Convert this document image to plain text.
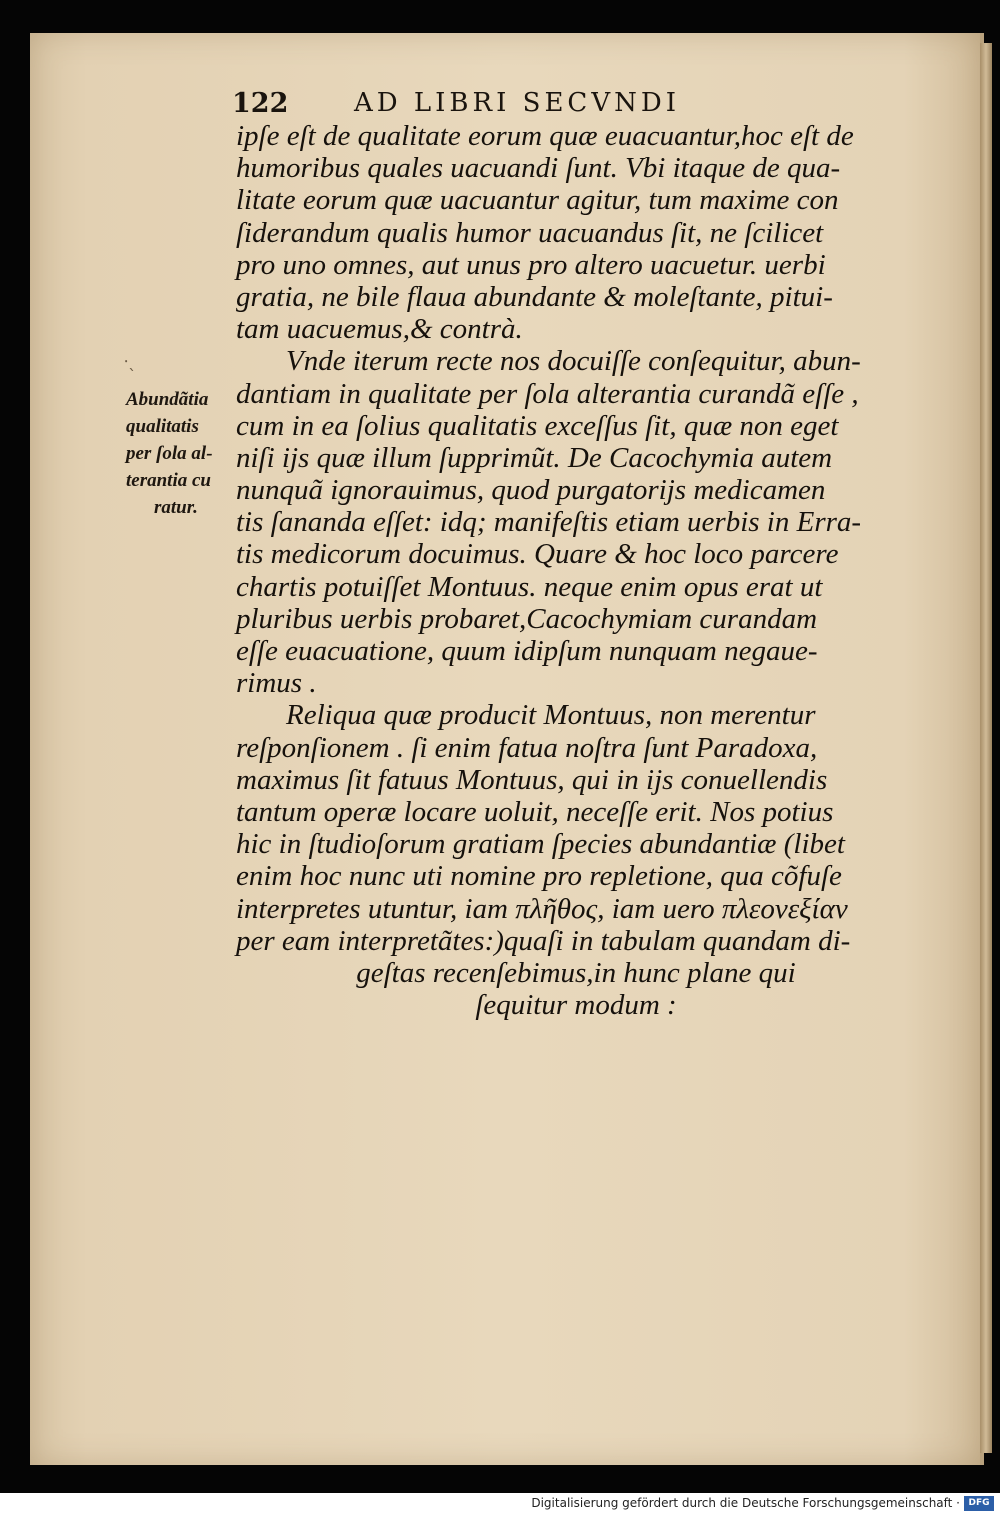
122	AD LIBRI SECVNDI
Abundãtia
qualitatis
per ſola al-
terantia cu
ratur.
⸱ˎ
ipſe eſt de qualitate eorum quæ euacuantur,hoc eſt de
humoribus quales uacuandi ſunt. Vbi itaque de qua-
litate eorum quæ uacuantur agitur, tum maxime con
ſiderandum qualis humor uacuandus ſit, ne ſcilicet
pro uno omnes, aut unus pro altero uacuetur. uerbi
gratia, ne bile flaua abundante & moleſtante, pitui-
tam uacuemus,& contrà.
Vnde iterum recte nos docuiſſe conſequitur, abun-
dantiam in qualitate per ſola alterantia curandã eſſe ,
cum in ea ſolius qualitatis exceſſus ſit, quæ non eget
niſi ijs quæ illum ſupprimũt. De Cacochymia autem
nunquã ignorauimus, quod purgatorijs medicamen
tis ſananda eſſet: idq; manifeſtis etiam uerbis in Erra-
tis medicorum docuimus. Quare & hoc loco parcere
chartis potuiſſet Montuus. neque enim opus erat ut
pluribus uerbis probaret,Cacochymiam curandam
eſſe euacuatione, quum idipſum nunquam negaue-
rimus .
Reliqua quæ producit Montuus, non merentur
reſponſionem . ſi enim fatua noſtra ſunt Paradoxa,
maximus ſit fatuus Montuus, qui in ijs conuellendis
tantum operæ locare uoluit, neceſſe erit. Nos potius
hic in ſtudioſorum gratiam ſpecies abundantiæ (libet
enim hoc nunc uti nomine pro repletione, qua cõfuſe
interpretes utuntur, iam πλῆθος, iam uero πλεονεξίαν
per eam interpretãtes:)quaſi in tabulam quandam di-
geſtas recenſebimus,in hunc plane qui
ſequitur modum :
Digitalisierung gefördert durch die Deutsche Forschungsgemeinschaft · DFG
